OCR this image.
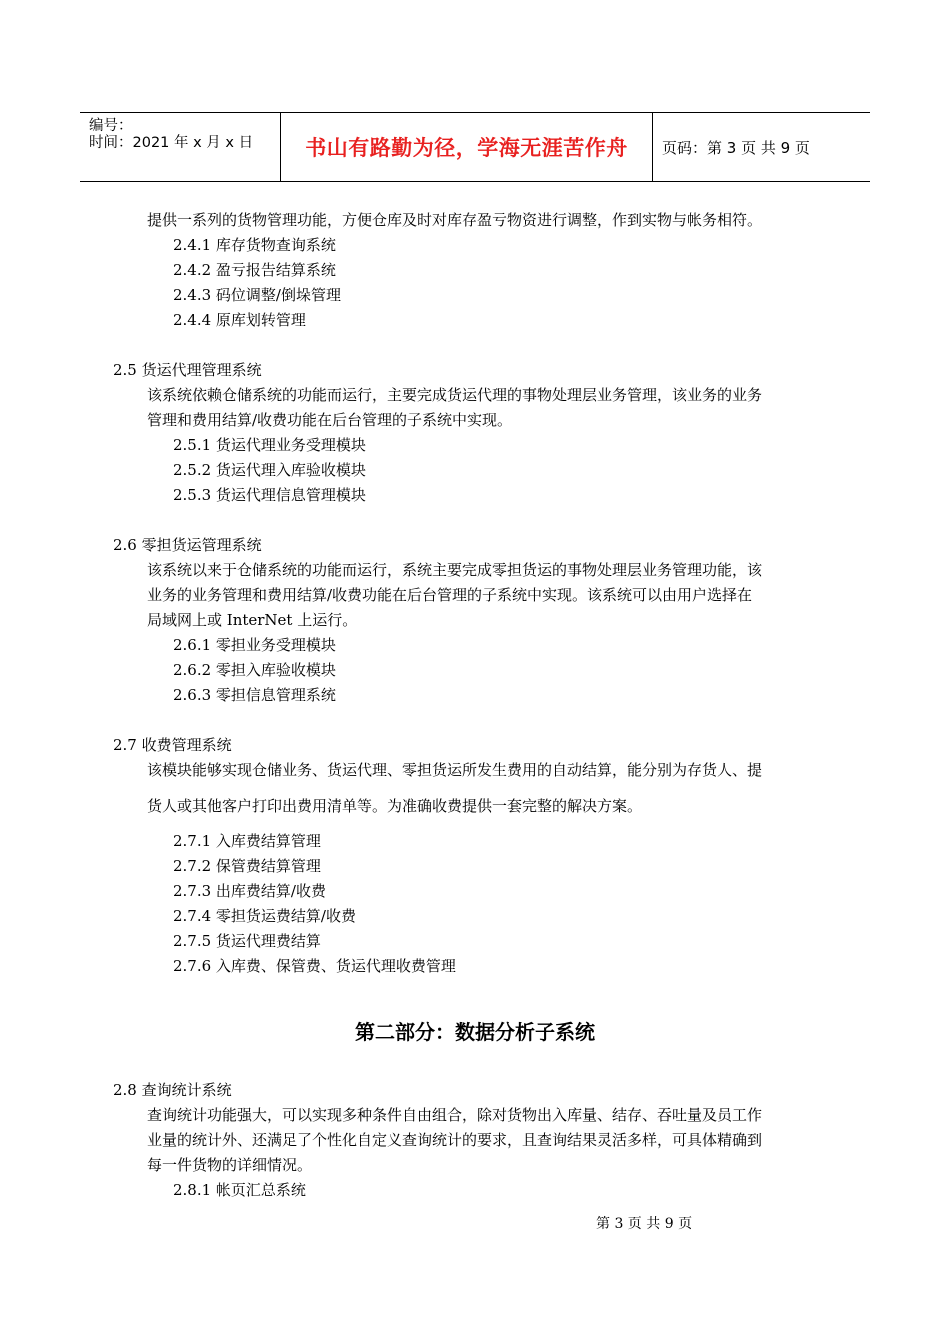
编号：
时间：2021 年 x 月 x 日	书山有路勤为径，学海无涯苦作舟	页码：第 3 页 共 9 页
提供一系列的货物管理功能，方便仓库及时对库存盈亏物资进行调整，作到实物与帐务相符。
2.4.1 库存货物查询系统
2.4.2 盈亏报告结算系统
2.4.3 码位调整/倒垛管理
2.4.4 原库划转管理
2.5 货运代理管理系统
该系统依赖仓储系统的功能而运行，主要完成货运代理的事物处理层业务管理，该业务的业务
管理和费用结算/收费功能在后台管理的子系统中实现。
2.5.1 货运代理业务受理模块
2.5.2 货运代理入库验收模块
2.5.3 货运代理信息管理模块
2.6 零担货运管理系统
该系统以来于仓储系统的功能而运行，系统主要完成零担货运的事物处理层业务管理功能，该
业务的业务管理和费用结算/收费功能在后台管理的子系统中实现。该系统可以由用户选择在
局域网上或 InterNet 上运行。
2.6.1 零担业务受理模块
2.6.2 零担入库验收模块
2.6.3 零担信息管理系统
2.7 收费管理系统
该模块能够实现仓储业务、货运代理、零担货运所发生费用的自动结算，能分别为存货人、提
货人或其他客户打印出费用清单等。为准确收费提供一套完整的解决方案。
2.7.1 入库费结算管理
2.7.2 保管费结算管理
2.7.3 出库费结算/收费
2.7.4 零担货运费结算/收费
2.7.5 货运代理费结算
2.7.6 入库费、保管费、货运代理收费管理
第二部分：数据分析子系统
2.8 查询统计系统
查询统计功能强大，可以实现多种条件自由组合，除对货物出入库量、结存、吞吐量及员工作
业量的统计外、还满足了个性化自定义查询统计的要求，且查询结果灵活多样，可具体精确到
每一件货物的详细情况。
2.8.1 帐页汇总系统
第 3 页 共 9 页
